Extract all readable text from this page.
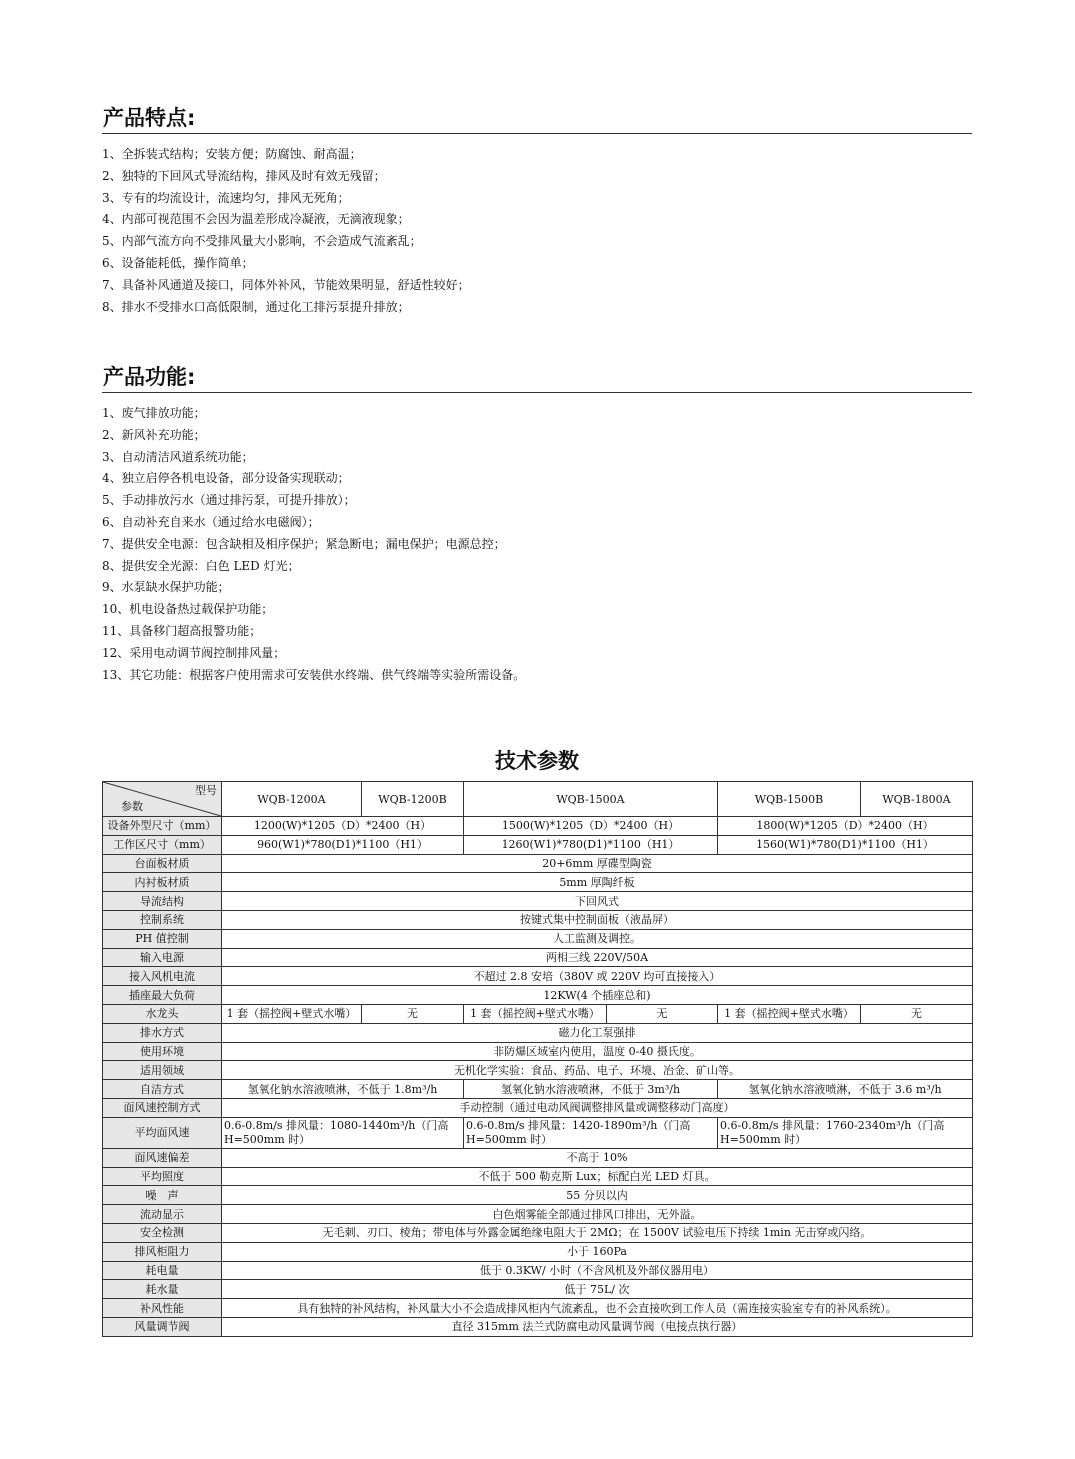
产品特点:
1、全拆装式结构；安装方便；防腐蚀、耐高温；
2、独特的下回风式导流结构，排风及时有效无残留；
3、专有的均流设计，流速均匀，排风无死角；
4、内部可视范围不会因为温差形成冷凝液，无滴液现象；
5、内部气流方向不受排风量大小影响，不会造成气流紊乱；
6、设备能耗低，操作简单；
7、具备补风通道及接口，同体外补风，节能效果明显，舒适性较好；
8、排水不受排水口高低限制，通过化工排污泵提升排放；
产品功能:
1、废气排放功能；
2、新风补充功能；
3、自动清洁风道系统功能；
4、独立启停各机电设备，部分设备实现联动；
5、手动排放污水（通过排污泵，可提升排放）；
6、自动补充自来水（通过给水电磁阀）；
7、提供安全电源：包含缺相及相序保护；紧急断电；漏电保护；电源总控；
8、提供安全光源：白色 LED 灯光；
9、水泵缺水保护功能；
10、机电设备热过载保护功能；
11、具备移门超高报警功能；
12、采用电动调节阀控制排风量；
13、其它功能：根据客户使用需求可安装供水终端、供气终端等实验所需设备。
技术参数
型号
参数	WQB-1200A	WQB-1200B	WQB-1500A		WQB-1500B	WQB-1800A	
设备外型尺寸（mm）	1200(W)*1205（D）*2400（H）		1500(W)*1205（D）*2400（H）		1800(W)*1205（D）*2400（H）		
工作区尺寸（mm）	960(W1)*780(D1)*1100（H1）		1260(W1)*780(D1)*1100（H1）		1560(W1)*780(D1)*1100（H1）		
台面板材质	20+6mm 厚碟型陶瓷						
内衬板材质	5mm 厚陶纤板						
导流结构	下回风式						
控制系统	按键式集中控制面板（液晶屏）						
PH 值控制	人工监测及调控。						
输入电源	两相三线 220V/50A						
接入风机电流	不超过 2.8 安培（380V 或 220V 均可直接接入）						
插座最大负荷	12KW(4 个插座总和)						
水龙头	1 套（摇控阀+壁式水嘴）	无	1 套（摇控阀+壁式水嘴）	无	1 套（摇控阀+壁式水嘴）	无	
排水方式	磁力化工泵强排						
使用环境	非防爆区域室内使用，温度 0-40 摄氏度。						
适用领域	无机化学实验：食品、药品、电子、环境、冶金、矿山等。						
自洁方式	氢氧化钠水溶液喷淋，不低于 1.8m³/h		氢氧化钠水溶液喷淋，不低于 3m³/h		氢氧化钠水溶液喷淋，不低于 3.6 m³/h		
面风速控制方式	手动控制（通过电动风阀调整排风量或调整移动门高度）						
平均面风速	0.6-0.8m/s 排风量：1080-1440m³/h（门高 H=500mm 时）		0.6-0.8m/s 排风量：1420-1890m³/h（门高 H=500mm 时）		0.6-0.8m/s 排风量：1760-2340m³/h（门高 H=500mm 时）		
面风速偏差	不高于 10%						
平均照度	不低于 500 勒克斯 Lux；标配白光 LED 灯具。						
噪　声	55 分贝以内						
流动显示	白色烟雾能全部通过排风口排出，无外溢。						
安全检测	无毛刺、刃口、棱角；带电体与外露金属绝缘电阻大于 2MΩ；在 1500V 试验电压下持续 1min 无击穿或闪络。						
排风柜阻力	小于 160Pa						
耗电量	低于 0.3KW/ 小时（不含风机及外部仪器用电）						
耗水量	低于 75L/ 次						
补风性能	具有独特的补风结构，补风量大小不会造成排风柜内气流紊乱，也不会直接吹到工作人员（需连接实验室专有的补风系统）。						
风量调节阀	直径 315mm 法兰式防腐电动风量调节阀（电接点执行器）						
